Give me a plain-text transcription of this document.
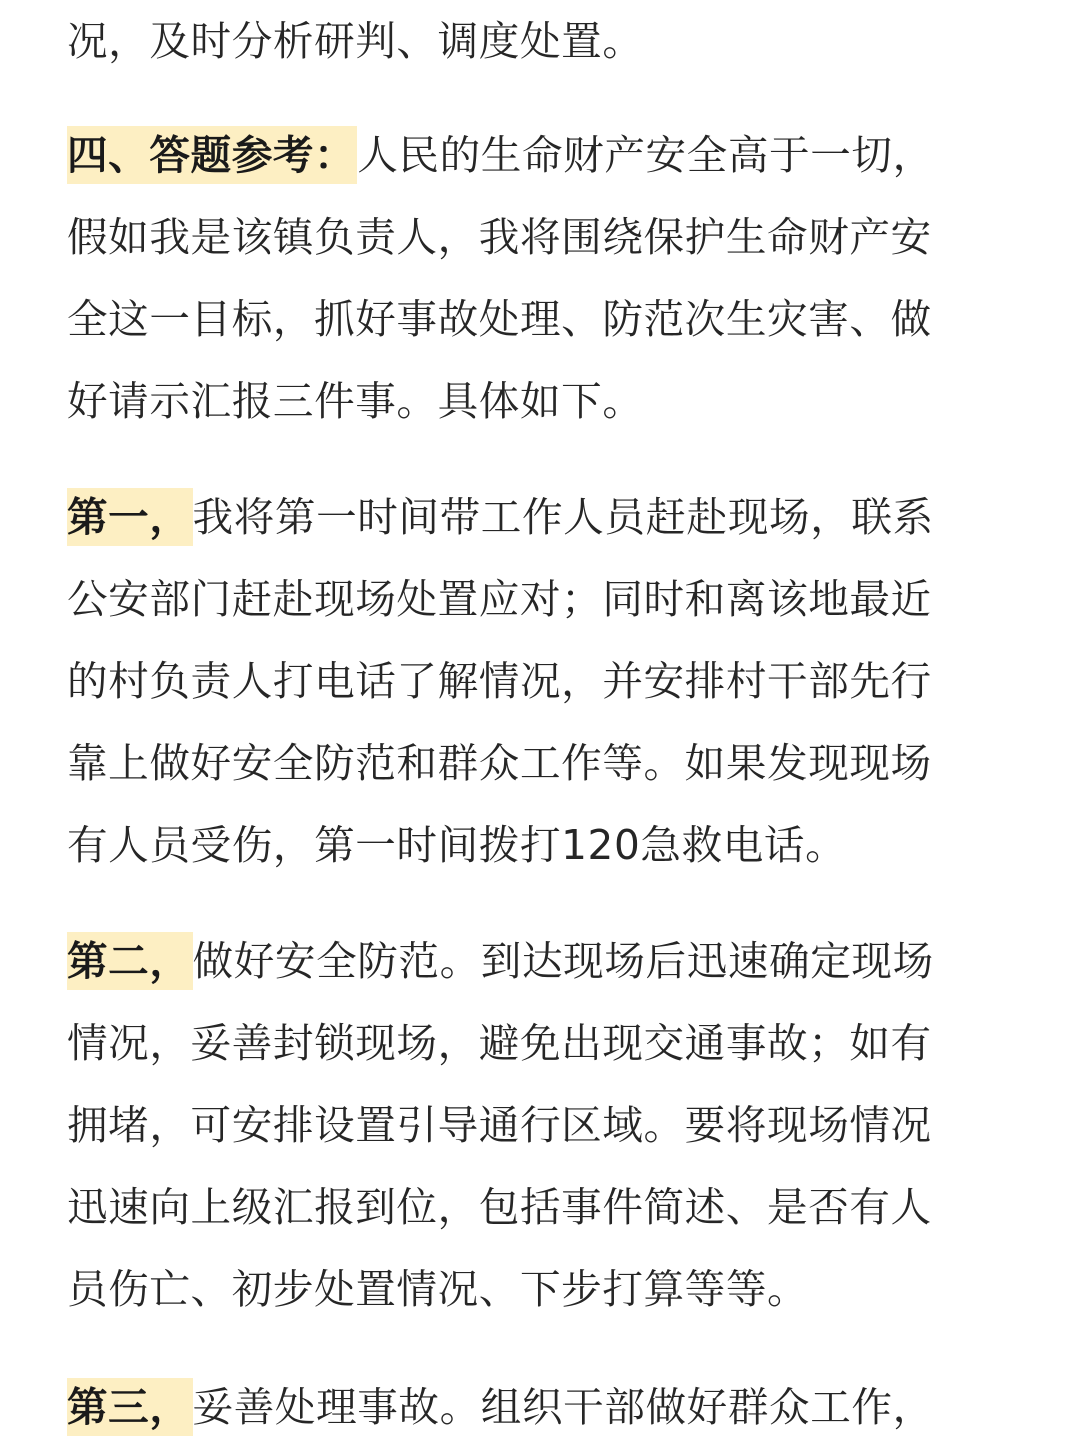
况，及时分析研判、调度处置。
四、答题参考：人民的生命财产安全高于一切，
假如我是该镇负责人，我将围绕保护生命财产安
全这一目标，抓好事故处理、防范次生灾害、做
好请示汇报三件事。具体如下。
第一，我将第一时间带工作人员赶赴现场，联系
公安部门赶赴现场处置应对；同时和离该地最近
的村负责人打电话了解情况，并安排村干部先行
靠上做好安全防范和群众工作等。如果发现现场
有人员受伤，第一时间拨打120急救电话。
第二，做好安全防范。到达现场后迅速确定现场
情况，妥善封锁现场，避免出现交通事故；如有
拥堵，可安排设置引导通行区域。要将现场情况
迅速向上级汇报到位，包括事件简述、是否有人
员伤亡、初步处置情况、下步打算等等。
第三，妥善处理事故。组织干部做好群众工作，
